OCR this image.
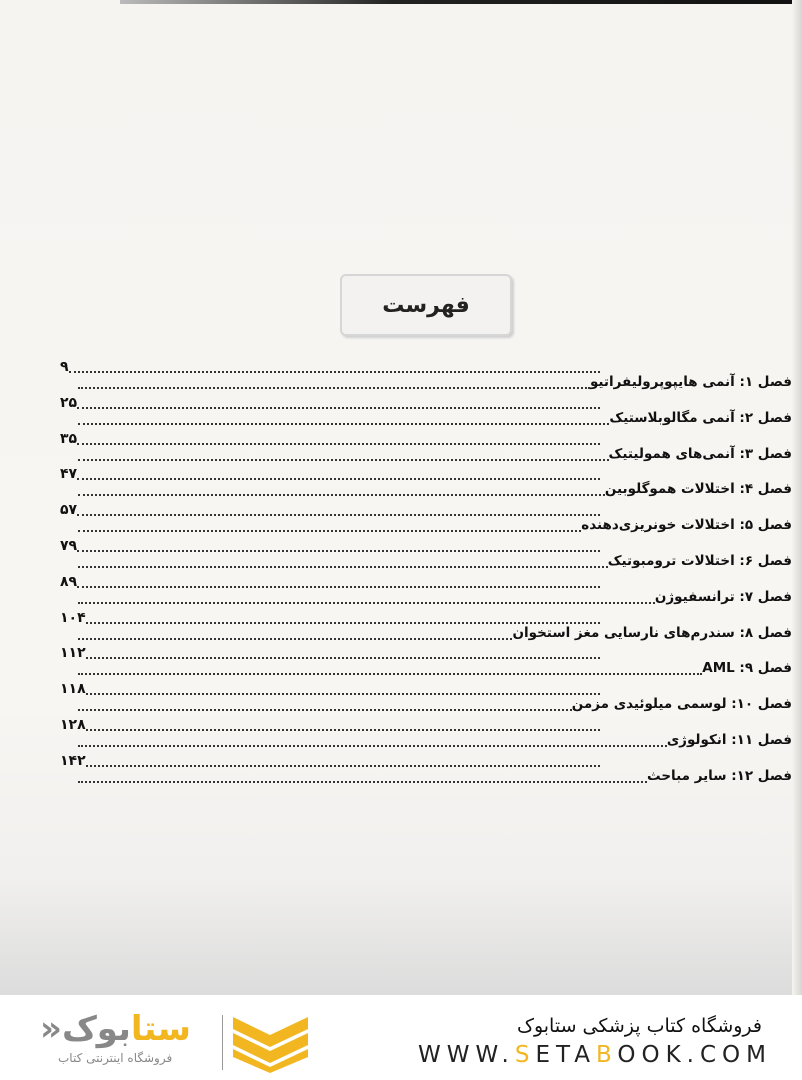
فهرست
۹
فصل ۱: آنمی هایپوپرولیفراتیو
۲۵
فصل ۲: آنمی مگالوبلاستیک
۳۵
فصل ۳: آنمی‌های همولیتیک
۴۷
فصل ۴: اختلالات هموگلوبین
۵۷
فصل ۵: اختلالات خونریزی‌دهنده
۷۹
فصل ۶: اختلالات ترومبوتیک
۸۹
فصل ۷: ترانسفیوژن
۱۰۴
فصل ۸: سندرم‌های نارسایی مغز استخوان
۱۱۲
فصل ۹: AML
۱۱۸
فصل ۱۰: لوسمی میلوئیدی مزمن
۱۲۸
فصل ۱۱: انکولوژی
۱۴۲
فصل ۱۲: سایر مباحث
ستابوک«
فروشگاه اینترنتی کتاب
فروشگاه کتاب پزشکی ستابوک
WWW.SETABOOK.COM
